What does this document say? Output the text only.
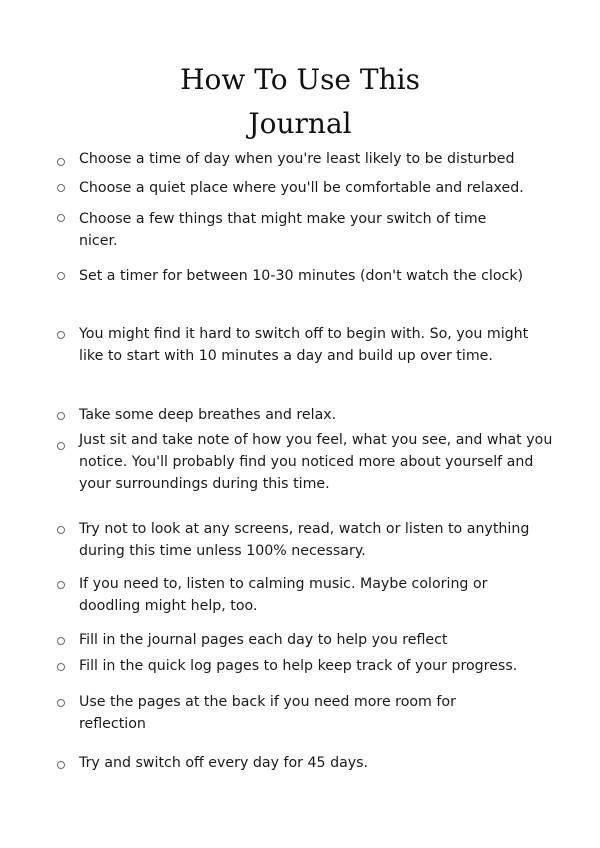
How To Use This
Journal
Choose a time of day when you're least likely to be disturbed
Choose a quiet place where you'll be comfortable and relaxed.
Choose a few things that might make your switch of time
nicer.
Set a timer for between 10-30 minutes (don't watch the clock)
You might find it hard to switch off to begin with. So, you might
like to start with 10 minutes a day and build up over time.
Take some deep breathes and relax.
Just sit and take note of how you feel, what you see, and what you
notice. You'll probably find you noticed more about yourself and
your surroundings during this time.
Try not to look at any screens, read, watch or listen to anything
during this time unless 100% necessary.
If you need to, listen to calming music. Maybe coloring or
doodling might help, too.
Fill in the journal pages each day to help you reflect
Fill in the quick log pages to help keep track of your progress.
Use the pages at the back if you need more room for
reflection
Try and switch off every day for 45 days.
